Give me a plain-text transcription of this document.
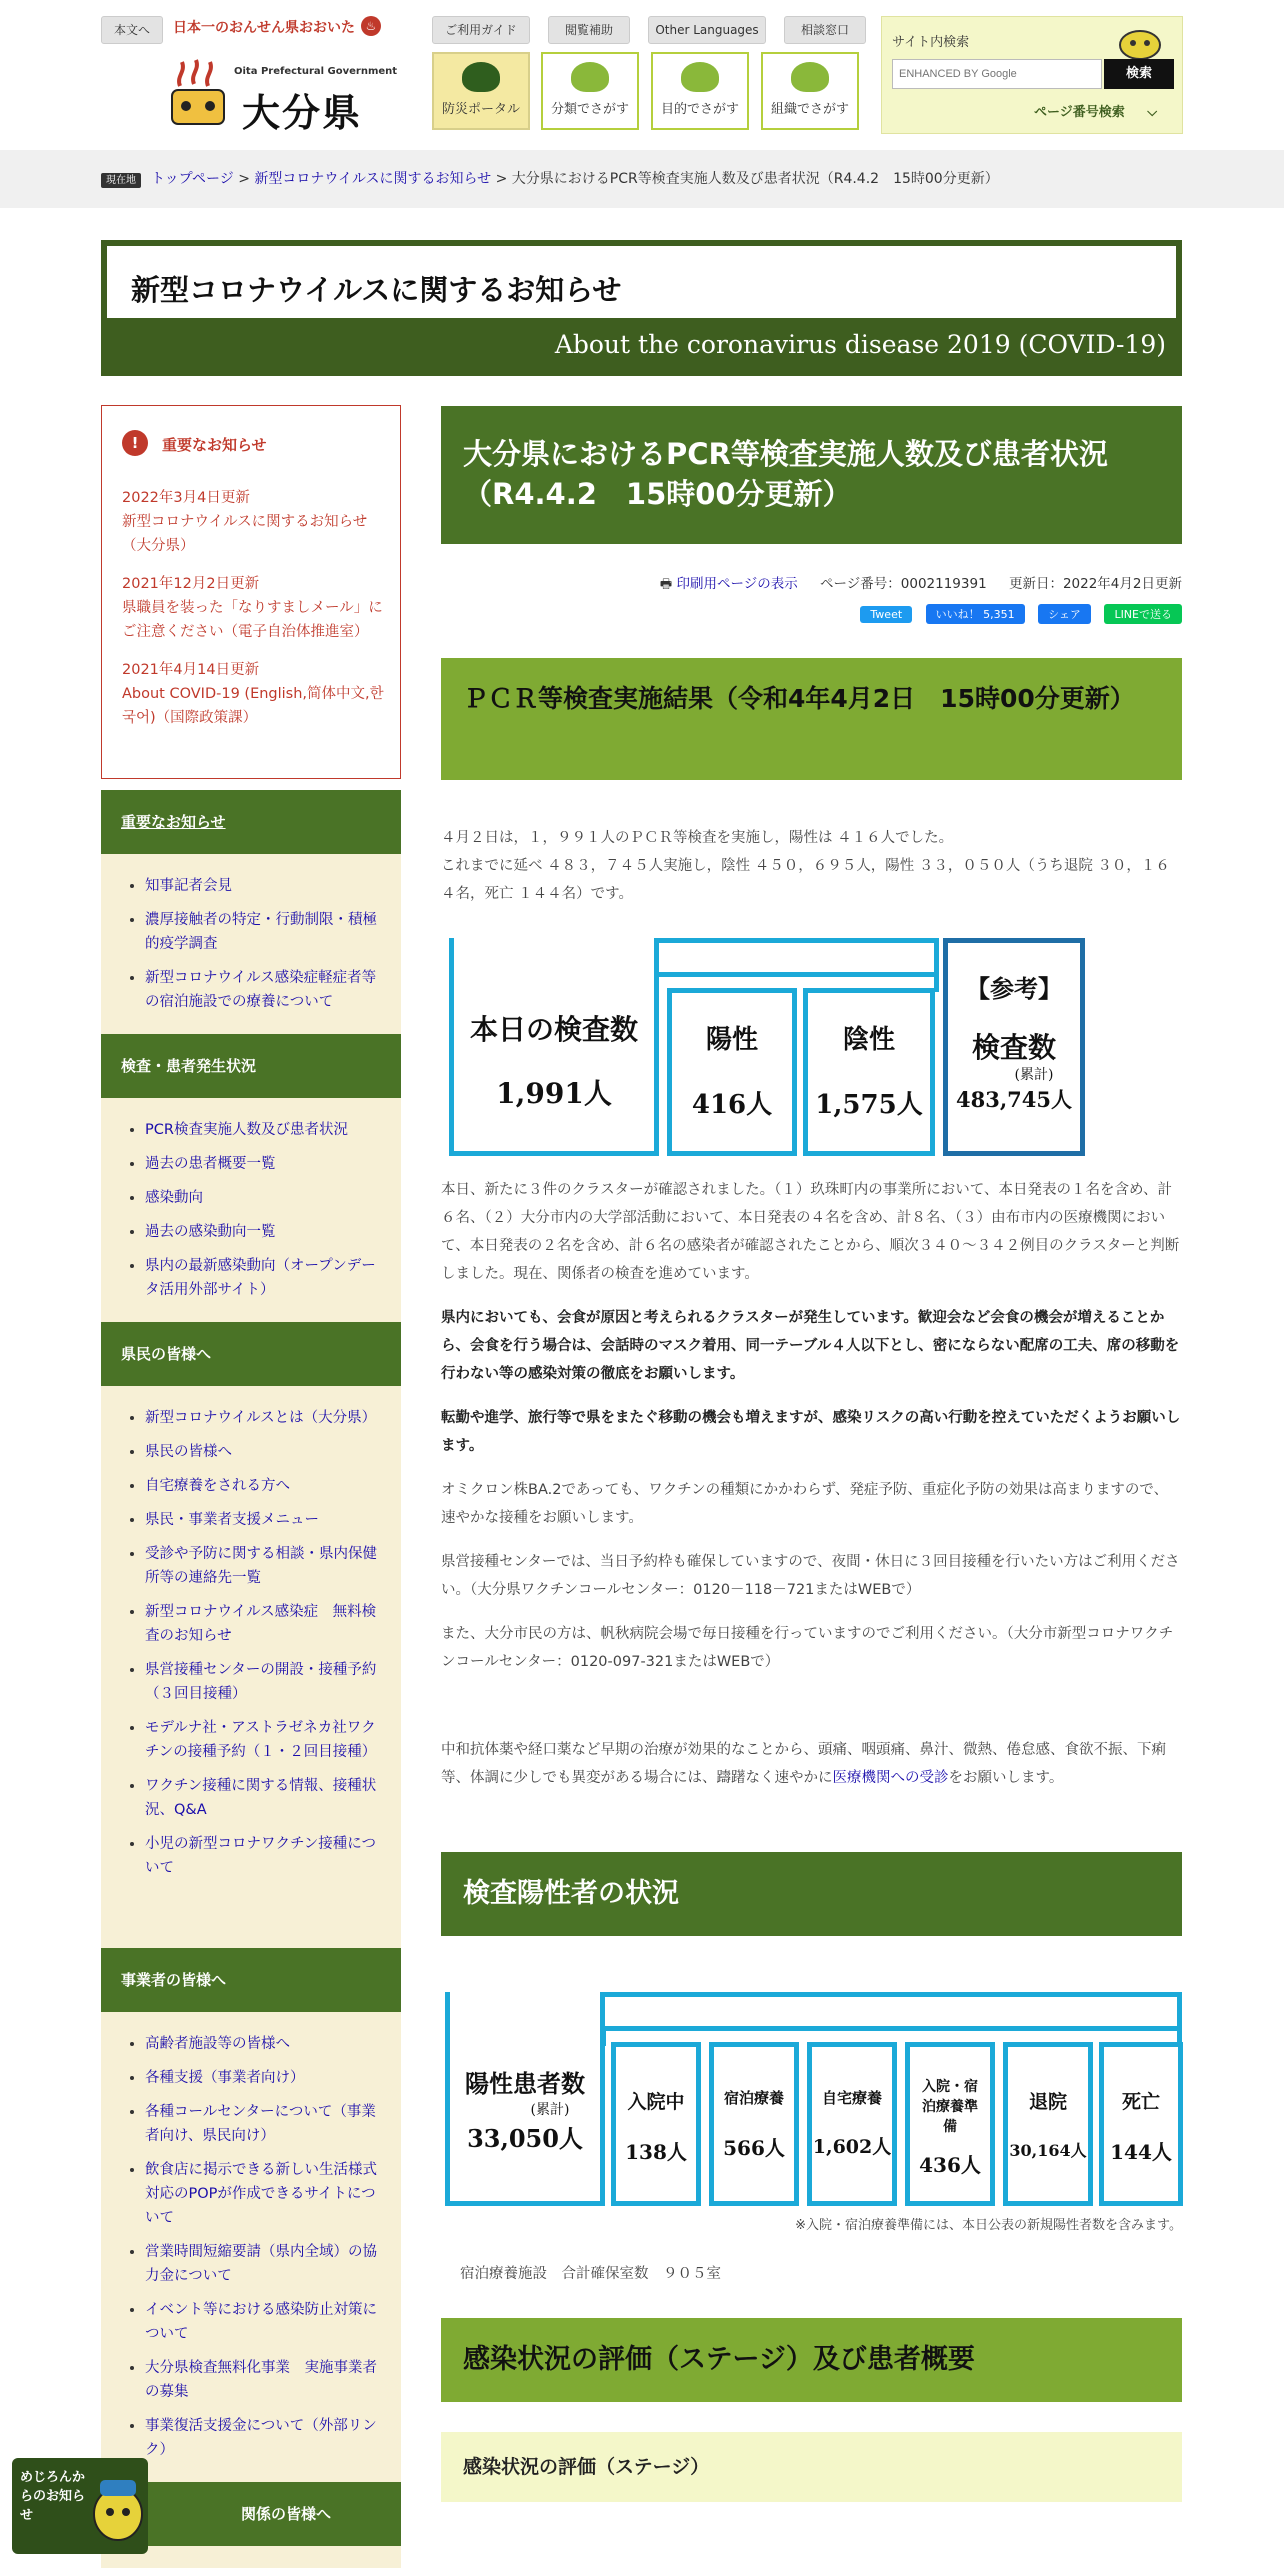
本文へ	日本一のおんせん県おおいた ♨
Oita Prefectural Government
大分県
ご利用ガイド	閲覧補助	Other Languages	相談窓口
防災ポータル	分類でさがす	目的でさがす	組織でさがす
サイト内検索
ENHANCED BY Google
検索
ページ番号検索 ⌵
現在地 トップページ > 新型コロナウイルスに関するお知らせ > 大分県におけるPCR等検査実施人数及び患者状況（R4.4.2　15時00分更新）
新型コロナウイルスに関するお知らせ
About the coronavirus disease 2019 (COVID-19)
!	重要なお知らせ
2022年3月4日更新
新型コロナウイルスに関するお知らせ（大分県）
2021年12月2日更新
県職員を装った「なりすましメール」にご注意ください（電子自治体推進室）
2021年4月14日更新
About COVID-19 (English,简体中文,한국어)（国際政策課）
重要なお知らせ
• 知事記者会見
• 濃厚接触者の特定・行動制限・積極的疫学調査
• 新型コロナウイルス感染症軽症者等の宿泊施設での療養について
検査・患者発生状況
• PCR検査実施人数及び患者状況
• 過去の患者概要一覧
• 感染動向
• 過去の感染動向一覧
• 県内の最新感染動向（オープンデータ活用外部サイト）
県民の皆様へ
• 新型コロナウイルスとは（大分県）
• 県民の皆様へ
• 自宅療養をされる方へ
• 県民・事業者支援メニュー
• 受診や予防に関する相談・県内保健所等の連絡先一覧
• 新型コロナウイルス感染症　無料検査のお知らせ
• 県営接種センターの開設・接種予約（３回目接種）
• モデルナ社・アストラゼネカ社ワクチンの接種予約（１・２回目接種）
• ワクチン接種に関する情報、接種状況、Q&A
• 小児の新型コロナワクチン接種について
事業者の皆様へ
• 高齢者施設等の皆様へ
• 各種支援（事業者向け）
• 各種コールセンターについて（事業者向け、県民向け）
• 飲食店に掲示できる新しい生活様式対応のPOPが作成できるサイトについて
• 営業時間短縮要請（県内全域）の協力金について
• イベント等における感染防止対策について
• 大分県検査無料化事業　実施事業者の募集
• 事業復活支援金について（外部リンク）
関係の皆様へ
めじろんからのお知らせ
大分県におけるPCR等検査実施人数及び患者状況（R4.4.2　15時00分更新）
🖶 印刷用ページの表示 ページ番号：0002119391 更新日：2022年4月2日更新
Tweet	いいね！ 5,351	シェア	LINEで送る
ＰＣＲ等検査実施結果（令和4年4月2日　15時00分更新）
４月２日は，１，９９１人のＰＣＲ等検査を実施し，陽性は ４１６人でした。
これまでに延べ ４８３，７４５人実施し，陰性 ４５０，６９５人，陽性 ３３，０５０人（うち退院 ３０，１６４名，死亡 １４４名）です。
本日の検査数
1,991人
陽性
416人
陰性
1,575人
【参考】
検査数
(累計)
483,745人
本日、新たに３件のクラスターが確認されました。（１）玖珠町内の事業所において、本日発表の１名を含め、計６名、（２）大分市内の大学部活動において、本日発表の４名を含め、計８名、（３）由布市内の医療機関において、本日発表の２名を含め、計６名の感染者が確認されたことから、順次３４０～３４２例目のクラスターと判断しました。現在、関係者の検査を進めています。
県内においても、会食が原因と考えられるクラスターが発生しています。歓迎会など会食の機会が増えることから、会食を行う場合は、会話時のマスク着用、同一テーブル４人以下とし、密にならない配席の工夫、席の移動を行わない等の感染対策の徹底をお願いします。
転勤や進学、旅行等で県をまたぐ移動の機会も増えますが、感染リスクの高い行動を控えていただくようお願いします。
オミクロン株BA.2であっても、ワクチンの種類にかかわらず、発症予防、重症化予防の効果は高まりますので、速やかな接種をお願いします。
県営接種センターでは、当日予約枠も確保していますので、夜間・休日に３回目接種を行いたい方はご利用ください。（大分県ワクチンコールセンター：0120－118－721またはWEBで）
また、大分市民の方は、帆秋病院会場で毎日接種を行っていますのでご利用ください。（大分市新型コロナワクチンコールセンター：0120-097-321またはWEBで）
中和抗体薬や経口薬など早期の治療が効果的なことから、頭痛、咽頭痛、鼻汁、微熱、倦怠感、食欲不振、下痢等、体調に少しでも異変がある場合には、躊躇なく速やかに医療機関への受診をお願いします。
検査陽性者の状況
陽性患者数
(累計)
33,050人
入院中
138人
宿泊療養
566人
自宅療養
1,602人
入院・宿泊療養準備
436人
退院
30,164人
死亡
144人
※入院・宿泊療養準備には、本日公表の新規陽性者数を含みます。
宿泊療養施設　合計確保室数　９０５室
感染状況の評価（ステージ）及び患者概要
感染状況の評価（ステージ）
